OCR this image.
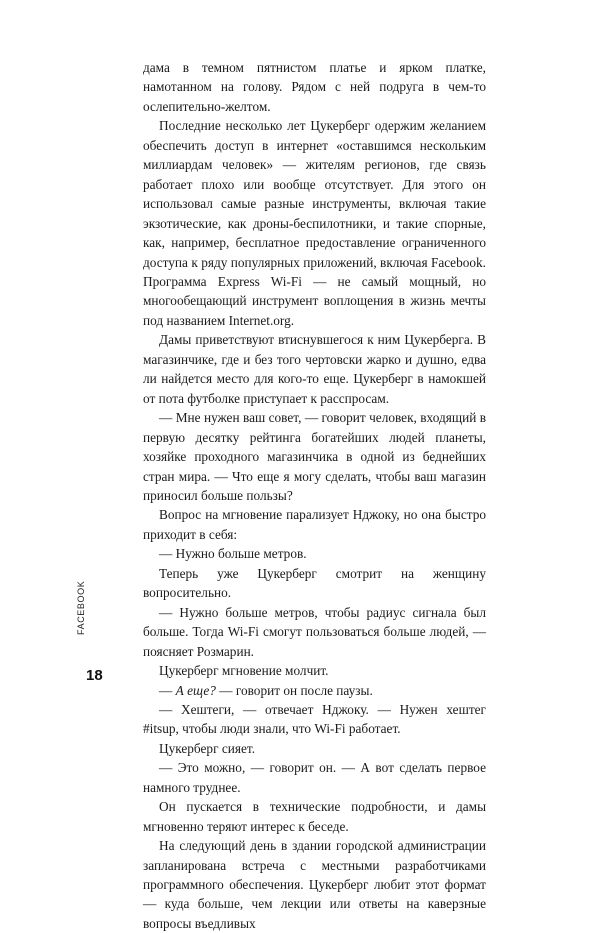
дама в темном пятнистом платье и ярком платке, намотанном на голову. Рядом с ней подруга в чем-то ослепительно-желтом.

Последние несколько лет Цукерберг одержим желанием обеспечить доступ в интернет «оставшимся нескольким миллиардам человек» — жителям регионов, где связь работает плохо или вообще отсутствует. Для этого он использовал самые разные инструменты, включая такие экзотические, как дроны-беспилотники, и такие спорные, как, например, бесплатное предоставление ограниченного доступа к ряду популярных приложений, включая Facebook. Программа Express Wi-Fi — не самый мощный, но многообещающий инструмент воплощения в жизнь мечты под названием Internet.org.

Дамы приветствуют втиснувшегося к ним Цукерберга. В магазинчике, где и без того чертовски жарко и душно, едва ли найдется место для кого-то еще. Цукерберг в намокшей от пота футболке приступает к расспросам.

— Мне нужен ваш совет, — говорит человек, входящий в первую десятку рейтинга богатейших людей планеты, хозяйке проходного магазинчика в одной из беднейших стран мира. — Что еще я могу сделать, чтобы ваш магазин приносил больше пользы?

Вопрос на мгновение парализует Нджоку, но она быстро приходит в себя:

— Нужно больше метров.

Теперь уже Цукерберг смотрит на женщину вопросительно.

— Нужно больше метров, чтобы радиус сигнала был больше. Тогда Wi-Fi смогут пользоваться больше людей, — поясняет Розмарин.

Цукерберг мгновение молчит.

— А еще? — говорит он после паузы.

— Хештеги, — отвечает Нджоку. — Нужен хештег #itsup, чтобы люди знали, что Wi-Fi работает.

Цукерберг сияет.

— Это можно, — говорит он. — А вот сделать первое намного труднее.

Он пускается в технические подробности, и дамы мгновенно теряют интерес к беседе.

На следующий день в здании городской администрации запланирована встреча с местными разработчиками программного обеспечения. Цукерберг любит этот формат — куда больше, чем лекции или ответы на каверзные вопросы въедливых

FACEBOOK
18
